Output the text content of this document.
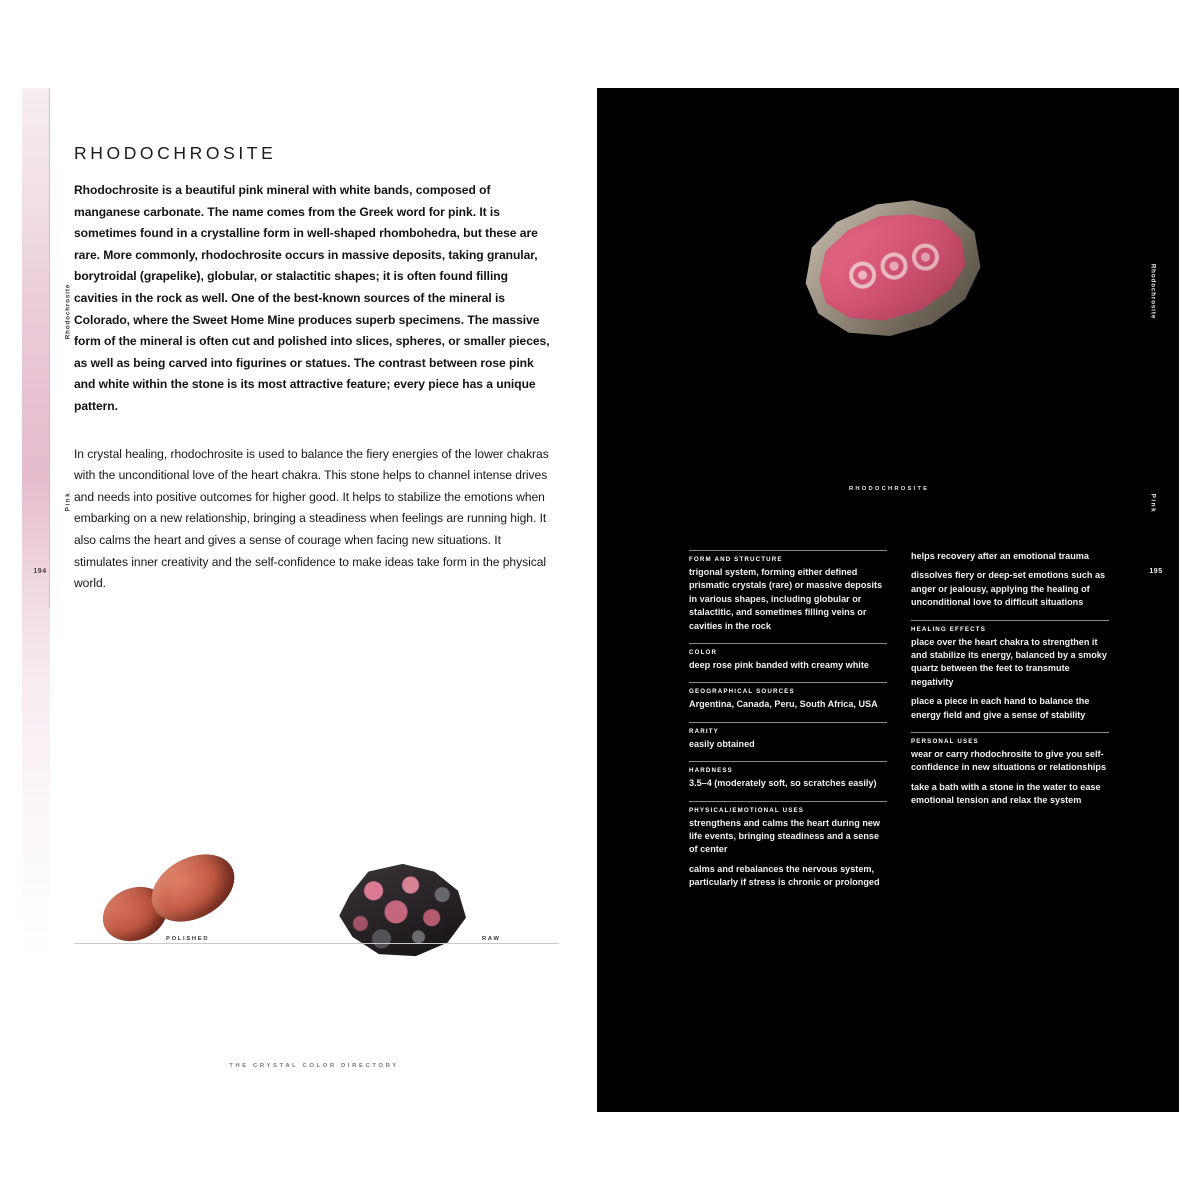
Rhodochrosite
Pink
194
RHODOCHROSITE

Rhodochrosite is a beautiful pink mineral with white bands, composed of manganese carbonate. The name comes from the Greek word for pink. It is sometimes found in a crystalline form in well-shaped rhombohedra, but these are rare. More commonly, rhodochrosite occurs in massive deposits, taking granular, borytroidal (grapelike), globular, or stalactitic shapes; it is often found filling cavities in the rock as well. One of the best-known sources of the mineral is Colorado, where the Sweet Home Mine produces superb specimens. The massive form of the mineral is often cut and polished into slices, spheres, or smaller pieces, as well as being carved into figurines or statues. The contrast between rose pink and white within the stone is its most attractive feature; every piece has a unique pattern.

In crystal healing, rhodochrosite is used to balance the fiery energies of the lower chakras with the unconditional love of the heart chakra. This stone helps to channel intense drives and needs into positive outcomes for higher good. It helps to stabilize the emotions when embarking on a new relationship, bringing a steadiness when feelings are running high. It also calms the heart and gives a sense of courage when facing new situations. It stimulates inner creativity and the self-confidence to make ideas take form in the physical world.

POLISHED	RAW
THE CRYSTAL COLOR DIRECTORY
RHODOCHROSITE
Rhodochrosite
Pink
195
FORM AND STRUCTURE

trigonal system, forming either defined prismatic crystals (rare) or massive deposits in various shapes, including globular or stalactitic, and sometimes filling veins or cavities in the rock

COLOR

deep rose pink banded with creamy white

GEOGRAPHICAL SOURCES

Argentina, Canada, Peru, South Africa, USA

RARITY

easily obtained

HARDNESS

3.5–4 (moderately soft, so scratches easily)

PHYSICAL/EMOTIONAL USES

strengthens and calms the heart during new life events, bringing steadiness and a sense of center

calms and rebalances the nervous system, particularly if stress is chronic or prolonged

helps recovery after an emotional trauma

dissolves fiery or deep-set emotions such as anger or jealousy, applying the healing of unconditional love to difficult situations

HEALING EFFECTS

place over the heart chakra to strengthen it and stabilize its energy, balanced by a smoky quartz between the feet to transmute negativity

place a piece in each hand to balance the energy field and give a sense of stability

PERSONAL USES

wear or carry rhodochrosite to give you self-confidence in new situations or relationships

take a bath with a stone in the water to ease emotional tension and relax the system
